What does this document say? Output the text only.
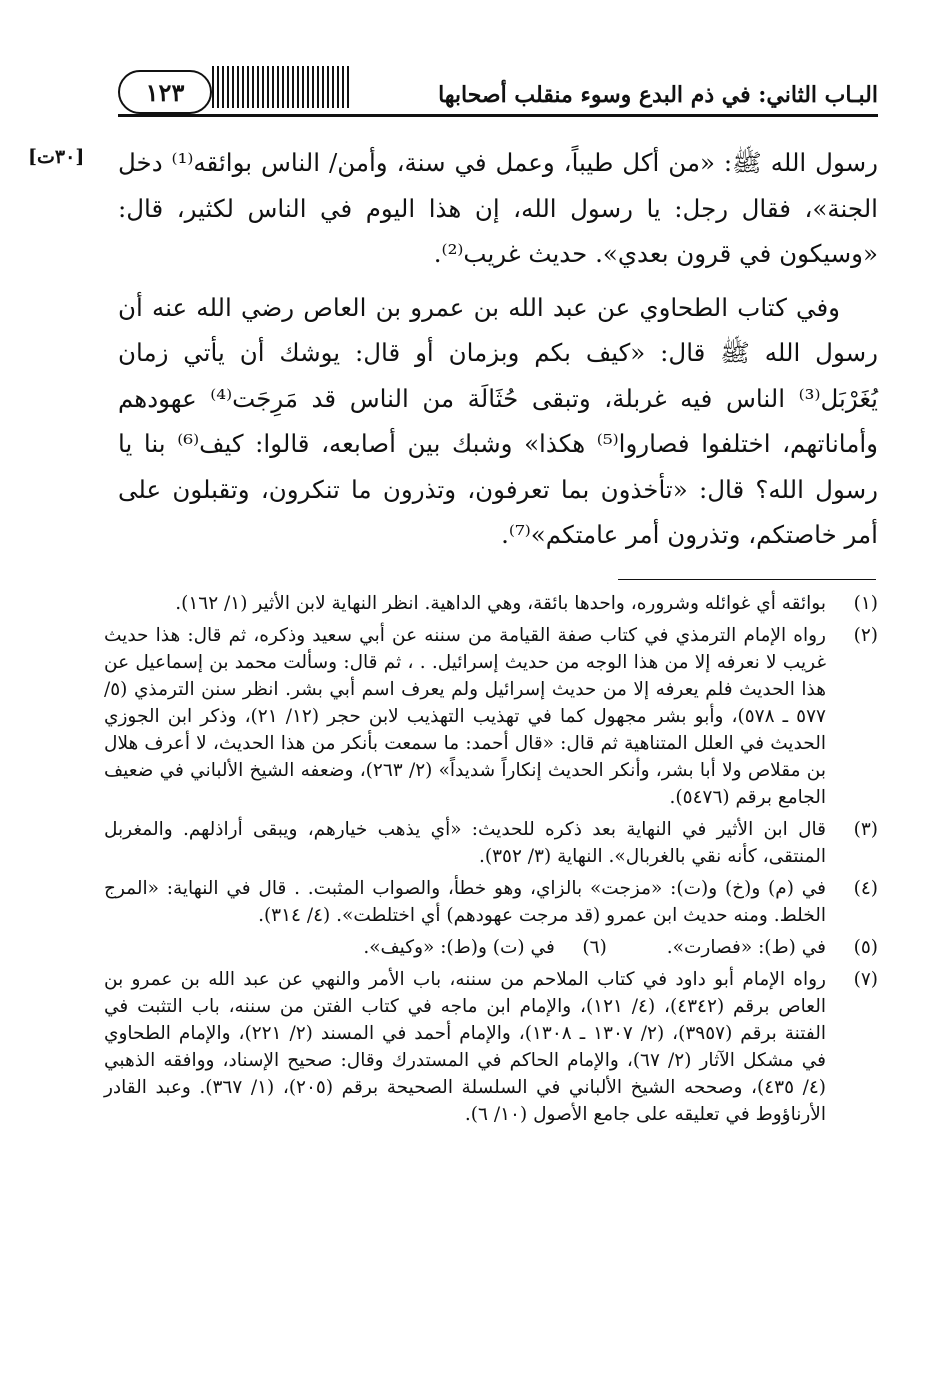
١٢٣	البـاب الثاني: في ذم البدع وسوء منقلب أصحابها
[٣٠ت] رسول الله ﷺ: «من أكل طيباً، وعمل في سنة، وأمن/ الناس بوائقه⁽¹⁾ دخل الجنة»، فقال رجل: يا رسول الله، إن هذا اليوم في الناس لكثير، قال: «وسيكون في قرون بعدي». حديث غريب⁽²⁾.

وفي كتاب الطحاوي عن عبد الله بن عمرو بن العاص رضي الله عنه أن رسول الله ﷺ قال: «كيف بكم وبزمان أو قال: يوشك أن يأتي زمان يُغَرْبَل⁽³⁾ الناس فيه غربلة، وتبقى حُثَالَة من الناس قد مَرِجَت⁽⁴⁾ عهودهم وأماناتهم، اختلفوا فصاروا⁽⁵⁾ هكذا» وشبك بين أصابعه، قالوا: كيف⁽⁶⁾ بنا يا رسول الله؟ قال: «تأخذون بما تعرفون، وتذرون ما تنكرون، وتقبلون على أمر خاصتكم، وتذرون أمر عامتكم»⁽⁷⁾.

(١)
بوائقه أي غوائله وشروره، واحدها بائقة، وهي الداهية. انظر النهاية لابن الأثير (١/ ١٦٢).
(٢)
رواه الإمام الترمذي في كتاب صفة القيامة من سننه عن أبي سعيد وذكره، ثم قال: هذا حديث غريب لا نعرفه إلا من هذا الوجه من حديث إسرائيل. . ، ثم قال: وسألت محمد بن إسماعيل عن هذا الحديث فلم يعرفه إلا من حديث إسرائيل ولم يعرف اسم أبي بشر. انظر سنن الترمذي (٥/ ٥٧٧ ـ ٥٧٨)، وأبو بشر مجهول كما في تهذيب التهذيب لابن حجر (١٢/ ٢١)، وذكر ابن الجوزي الحديث في العلل المتناهية ثم قال: «قال أحمد: ما سمعت بأنكر من هذا الحديث، لا أعرف هلال بن مقلاص ولا أبا بشر، وأنكر الحديث إنكاراً شديداً» (٢/ ٢٦٣)، وضعفه الشيخ الألباني في ضعيف الجامع برقم (٥٤٧٦).
(٣)
قال ابن الأثير في النهاية بعد ذكره للحديث: «أي يذهب خيارهم، ويبقى أراذلهم. والمغربل المنتقى، كأنه نقي بالغربال». النهاية (٣/ ٣٥٢).
(٤)
في (م) و(خ) و(ت): «مزجت» بالزاي، وهو خطأ، والصواب المثبت. . قال في النهاية: «المرج الخلط. ومنه حديث ابن عمرو (قد مرجت عهودهم) أي اختلطت». (٤/ ٣١٤).
(٥)
في (ط): «فصارت».
(٦)
في (ت) و(ط): «وكيف».
(٧)
رواه الإمام أبو داود في كتاب الملاحم من سننه، باب الأمر والنهي عن عبد الله بن عمرو بن العاص برقم (٤٣٤٢)، (٤/ ١٢١)، والإمام ابن ماجه في كتاب الفتن من سننه، باب التثبت في الفتنة برقم (٣٩٥٧)، (٢/ ١٣٠٧ ـ ١٣٠٨)، والإمام أحمد في المسند (٢/ ٢٢١)، والإمام الطحاوي في مشكل الآثار (٢/ ٦٧)، والإمام الحاكم في المستدرك وقال: صحيح الإسناد، ووافقه الذهبي (٤/ ٤٣٥)، وصححه الشيخ الألباني في السلسلة الصحيحة برقم (٢٠٥)، (١/ ٣٦٧). وعبد القادر الأرناؤوط في تعليقه على جامع الأصول (١٠/ ٦).
